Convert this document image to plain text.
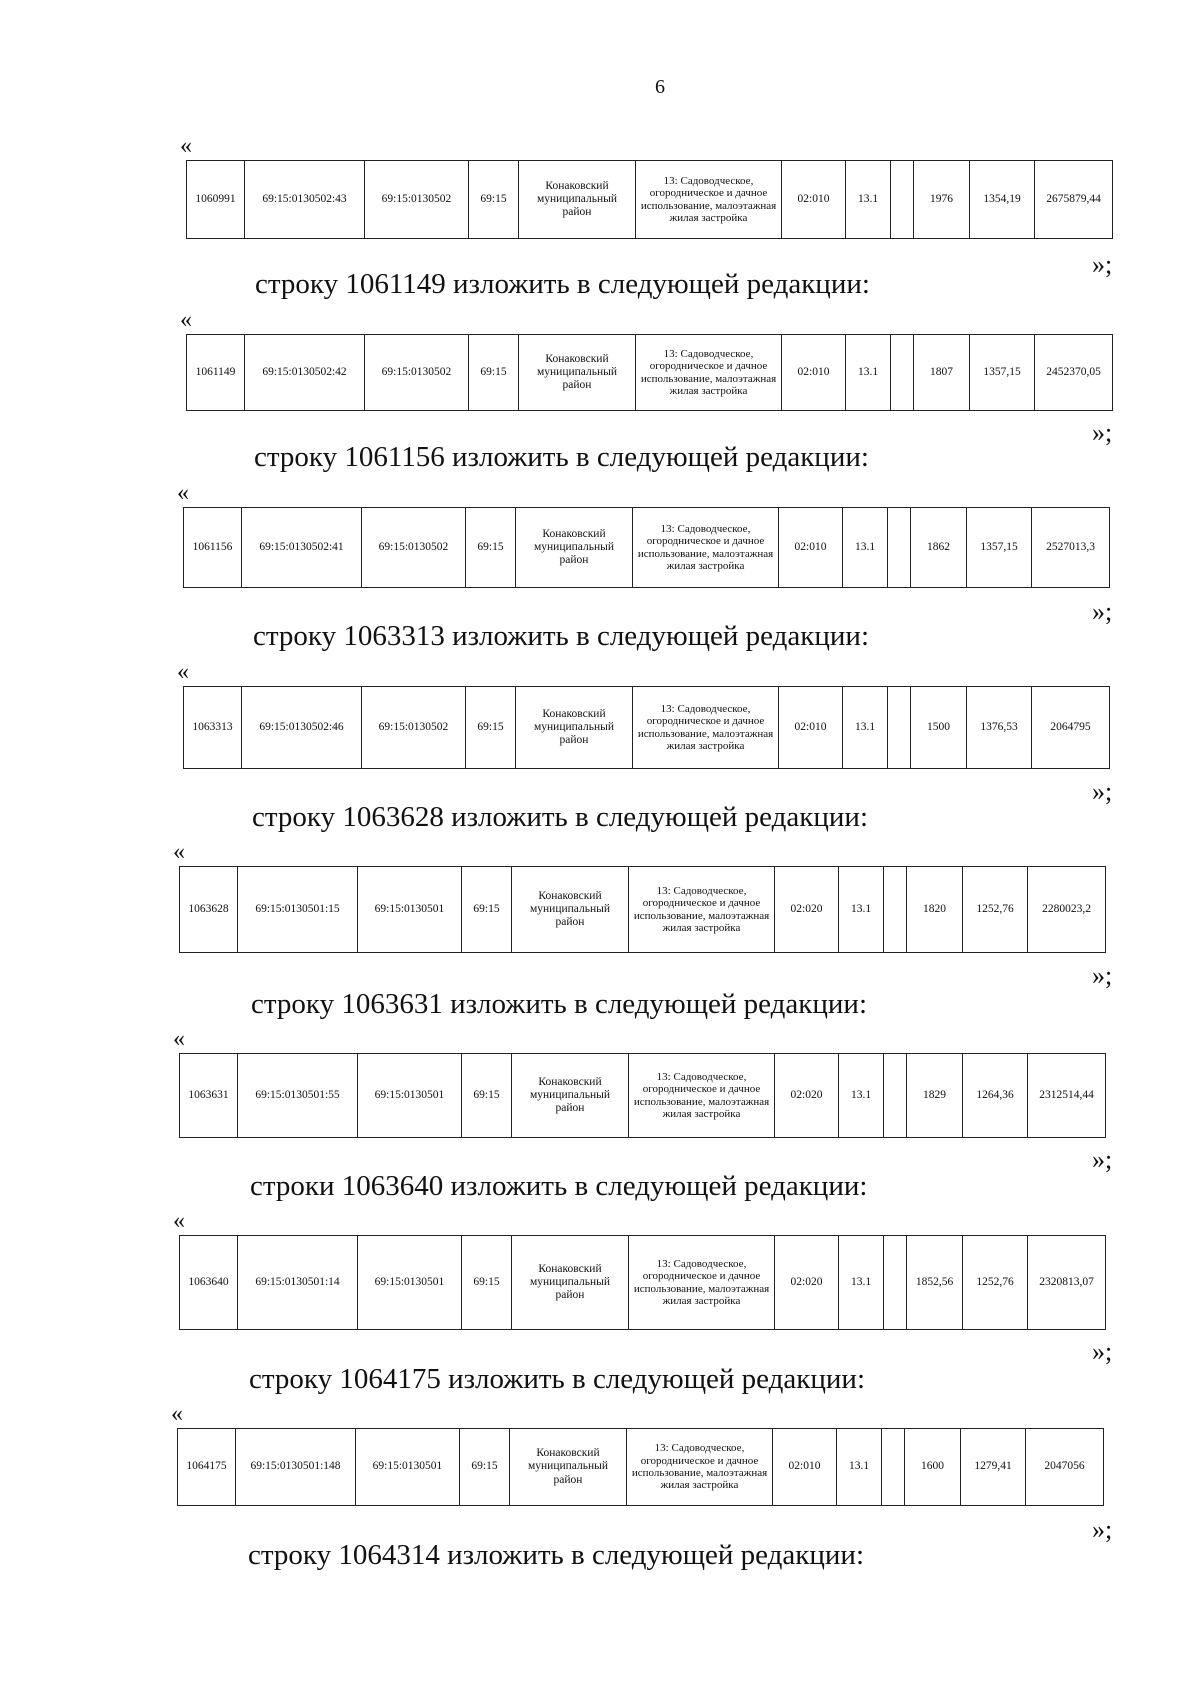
6
«
1060991	69:15:0130502:43	69:15:0130502	69:15	Конаковский муниципальный район	13: Садоводческое, огородническое и дачное использование, малоэтажная жилая застройка	02:010	13.1		1976	1354,19	2675879,44
»;
строку 1061149 изложить в следующей редакции:
«
1061149	69:15:0130502:42	69:15:0130502	69:15	Конаковский муниципальный район	13: Садоводческое, огородническое и дачное использование, малоэтажная жилая застройка	02:010	13.1		1807	1357,15	2452370,05
»;
строку 1061156 изложить в следующей редакции:
«
1061156	69:15:0130502:41	69:15:0130502	69:15	Конаковский муниципальный район	13: Садоводческое, огородническое и дачное использование, малоэтажная жилая застройка	02:010	13.1		1862	1357,15	2527013,3
»;
строку 1063313 изложить в следующей редакции:
«
1063313	69:15:0130502:46	69:15:0130502	69:15	Конаковский муниципальный район	13: Садоводческое, огородническое и дачное использование, малоэтажная жилая застройка	02:010	13.1		1500	1376,53	2064795
»;
строку 1063628 изложить в следующей редакции:
«
1063628	69:15:0130501:15	69:15:0130501	69:15	Конаковский муниципальный район	13: Садоводческое, огородническое и дачное использование, малоэтажная жилая застройка	02:020	13.1		1820	1252,76	2280023,2
»;
строку 1063631 изложить в следующей редакции:
«
1063631	69:15:0130501:55	69:15:0130501	69:15	Конаковский муниципальный район	13: Садоводческое, огородническое и дачное использование, малоэтажная жилая застройка	02:020	13.1		1829	1264,36	2312514,44
»;
строки 1063640 изложить в следующей редакции:
«
1063640	69:15:0130501:14	69:15:0130501	69:15	Конаковский муниципальный район	13: Садоводческое, огородническое и дачное использование, малоэтажная жилая застройка	02:020	13.1		1852,56	1252,76	2320813,07
»;
строку 1064175 изложить в следующей редакции:
«
1064175	69:15:0130501:148	69:15:0130501	69:15	Конаковский муниципальный район	13: Садоводческое, огородническое и дачное использование, малоэтажная жилая застройка	02:010	13.1		1600	1279,41	2047056
»;
строку 1064314 изложить в следующей редакции:
